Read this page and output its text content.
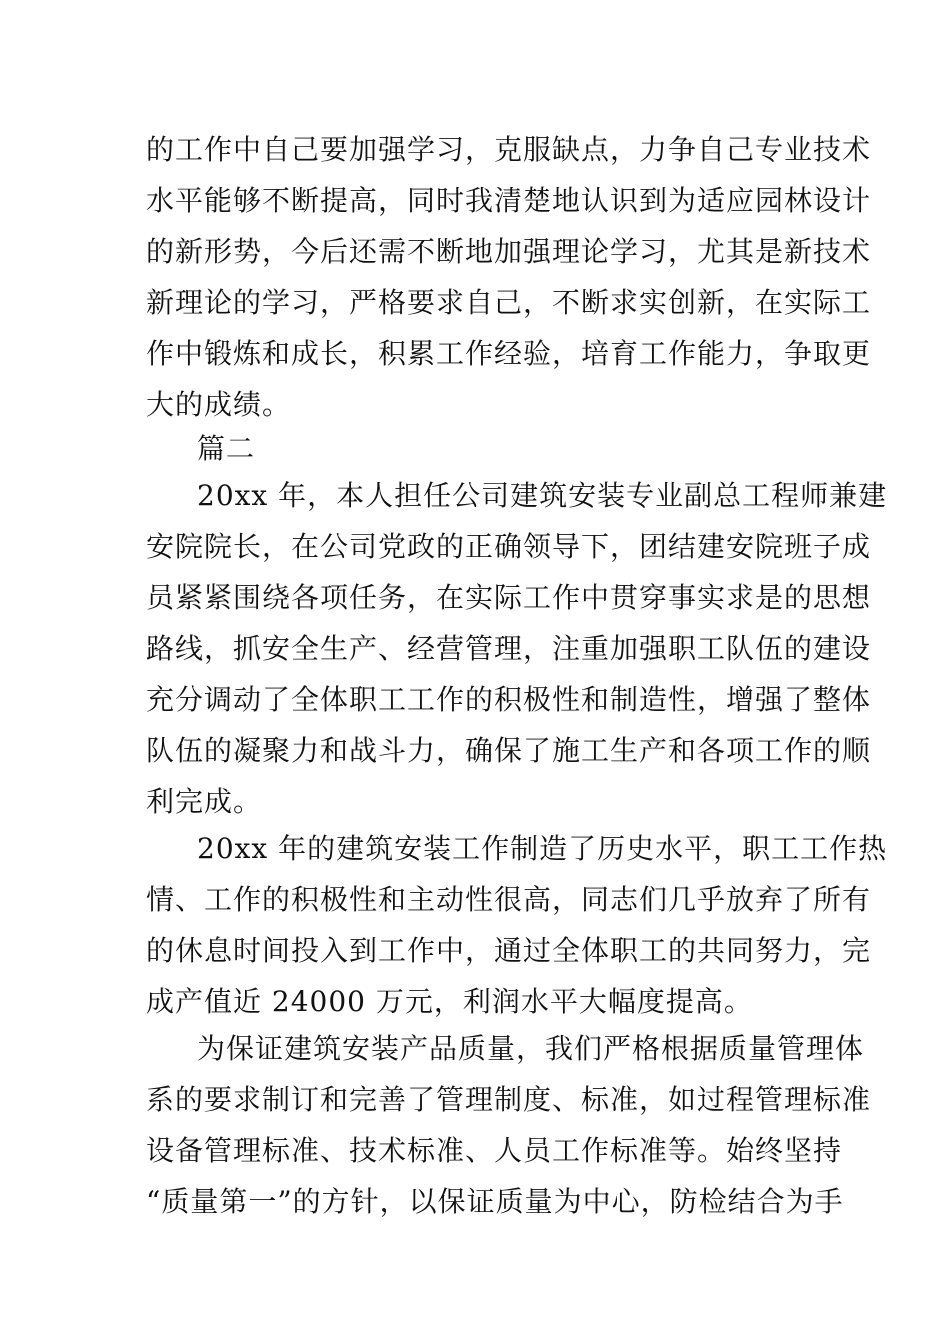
的工作中自己要加强学习，克服缺点，力争自己专业技术
水平能够不断提高，同时我清楚地认识到为适应园林设计
的新形势，今后还需不断地加强理论学习，尤其是新技术
新理论的学习，严格要求自己，不断求实创新，在实际工
作中锻炼和成长，积累工作经验，培育工作能力，争取更
大的成绩。
篇二
20xx 年，本人担任公司建筑安装专业副总工程师兼建
安院院长，在公司党政的正确领导下，团结建安院班子成
员紧紧围绕各项任务，在实际工作中贯穿事实求是的思想
路线，抓安全生产、经营管理，注重加强职工队伍的建设
充分调动了全体职工工作的积极性和制造性，增强了整体
队伍的凝聚力和战斗力，确保了施工生产和各项工作的顺
利完成。
20xx 年的建筑安装工作制造了历史水平，职工工作热
情、工作的积极性和主动性很高，同志们几乎放弃了所有
的休息时间投入到工作中，通过全体职工的共同努力，完
成产值近 24000 万元，利润水平大幅度提高。
为保证建筑安装产品质量，我们严格根据质量管理体
系的要求制订和完善了管理制度、标准，如过程管理标准
设备管理标准、技术标准、人员工作标准等。始终坚持
“质量第一”的方针，以保证质量为中心，防检结合为手
